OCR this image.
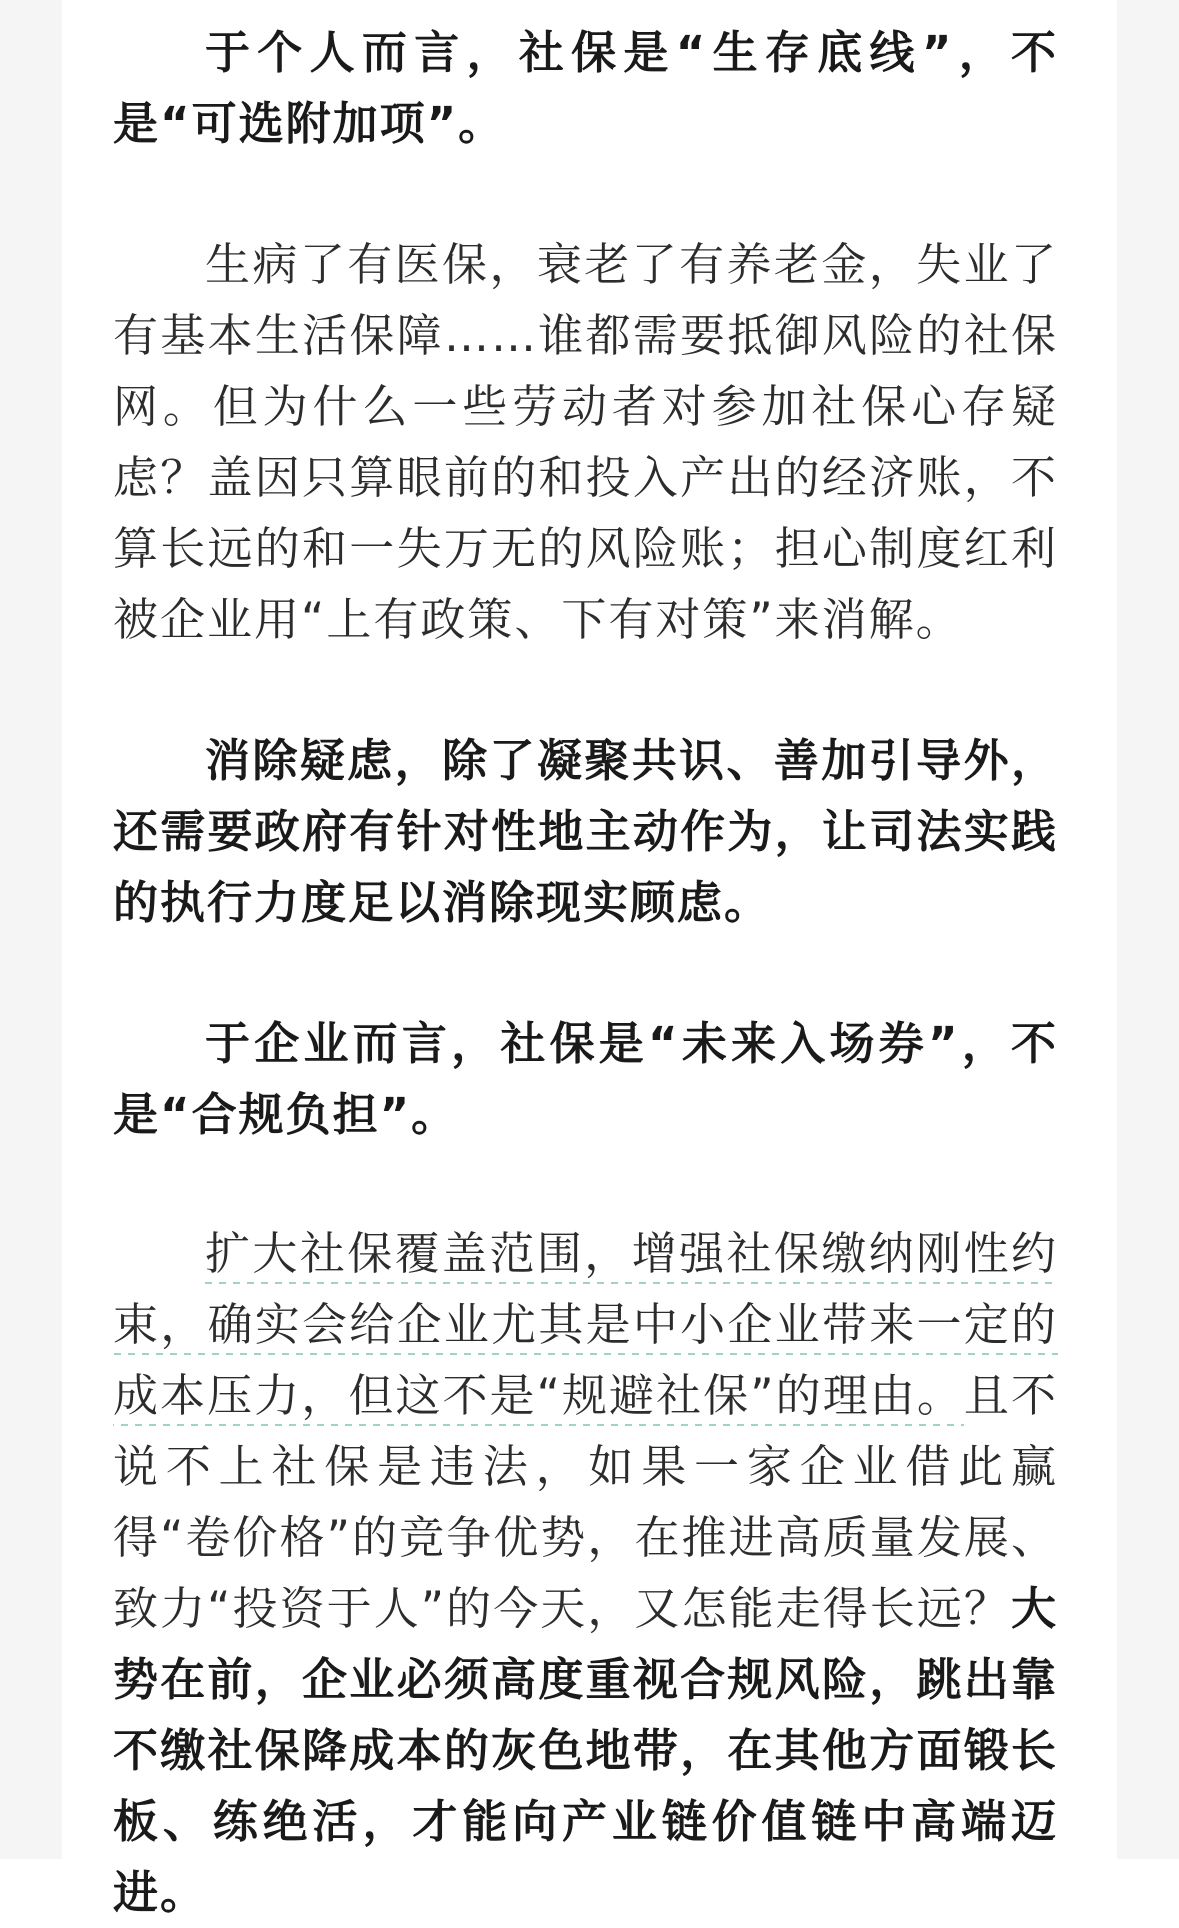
于个人而言，社保是“生存底线”，不是“可选附加项”。

生病了有医保，衰老了有养老金，失业了有基本生活保障……谁都需要抵御风险的社保网。但为什么一些劳动者对参加社保心存疑虑？盖因只算眼前的和投入产出的经济账，不算长远的和一失万无的风险账；担心制度红利被企业用“上有政策、下有对策”来消解。

消除疑虑，除了凝聚共识、善加引导外，还需要政府有针对性地主动作为，让司法实践的执行力度足以消除现实顾虑。

于企业而言，社保是“未来入场券”，不是“合规负担”。

扩大社保覆盖范围，增强社保缴纳刚性约束，确实会给企业尤其是中小企业带来一定的成本压力，但这不是“规避社保”的理由。且不说不上社保是违法，如果一家企业借此赢得“卷价格”的竞争优势，在推进高质量发展、致力“投资于人”的今天，又怎能走得长远？大势在前，企业必须高度重视合规风险，跳出靠不缴社保降成本的灰色地带，在其他方面锻长板、练绝活，才能向产业链价值链中高端迈进。
